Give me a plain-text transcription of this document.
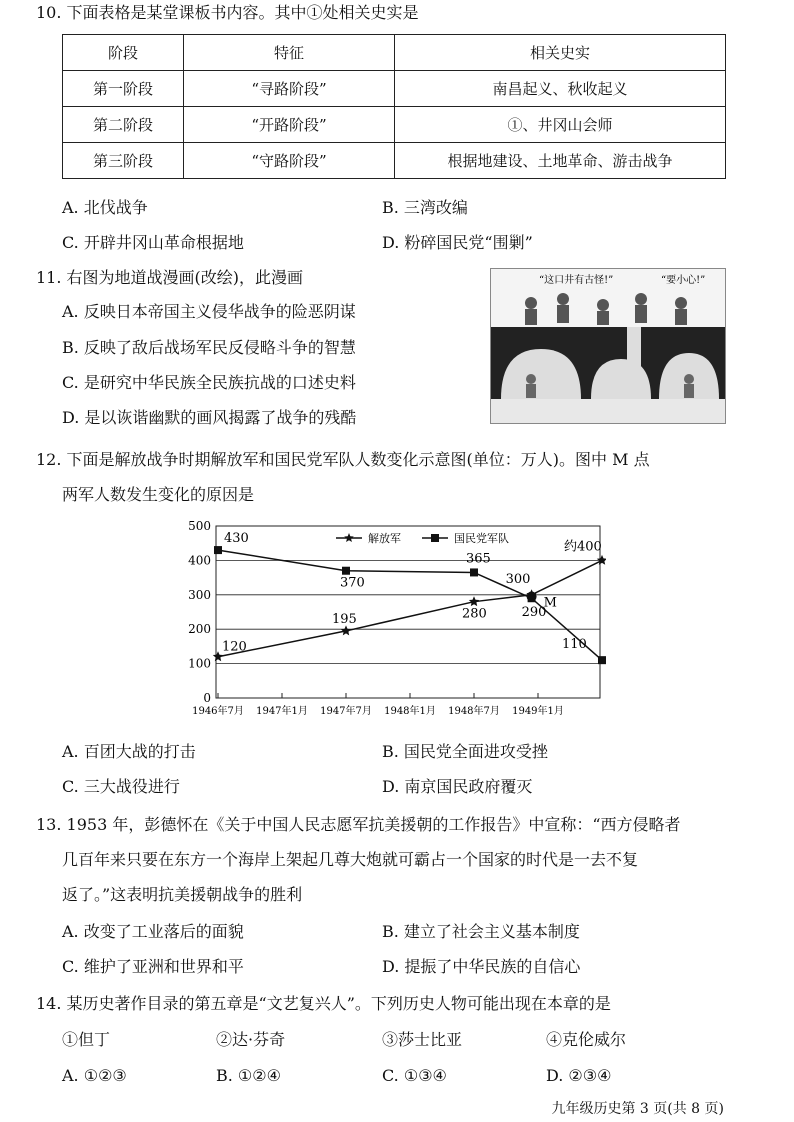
10. 下面表格是某堂课板书内容。其中①处相关史实是
阶段	特征	相关史实
第一阶段	“寻路阶段”	南昌起义、秋收起义
第二阶段	“开路阶段”	①、井冈山会师
第三阶段	“守路阶段”	根据地建设、土地革命、游击战争
A. 北伐战争	B. 三湾改编
C. 开辟井冈山革命根据地	D. 粉碎国民党“围剿”
11. 右图为地道战漫画(改绘)，此漫画
A. 反映日本帝国主义侵华战争的险恶阴谋
B. 反映了敌后战场军民反侵略斗争的智慧
C. 是研究中华民族全民族抗战的口述史料
D. 是以诙谐幽默的画风揭露了战争的残酷
“这口井有古怪!”	“要小心!”
12. 下面是解放战争时期解放军和国民党军队人数变化示意图(单位：万人)。图中 M 点
两军人数发生变化的原因是
0
100
200
300
400
500
1946年7月 1947年1月 1947年7月 1948年1月 1948年7月 1949年1月
120
195	280
300
约400
430
370
365
290
110
M
解放军	国民党军队
A. 百团大战的打击	B. 国民党全面进攻受挫
C. 三大战役进行	D. 南京国民政府覆灭
13. 1953 年，彭德怀在《关于中国人民志愿军抗美援朝的工作报告》中宣称：“西方侵略者
几百年来只要在东方一个海岸上架起几尊大炮就可霸占一个国家的时代是一去不复
返了。”这表明抗美援朝战争的胜利
A. 改变了工业落后的面貌	B. 建立了社会主义基本制度
C. 维护了亚洲和世界和平	D. 提振了中华民族的自信心
14. 某历史著作目录的第五章是“文艺复兴人”。下列历史人物可能出现在本章的是
①但丁	②达·芬奇	③莎士比亚	④克伦威尔
A. ①②③	B. ①②④	C. ①③④	D. ②③④
九年级历史第 3 页(共 8 页)
